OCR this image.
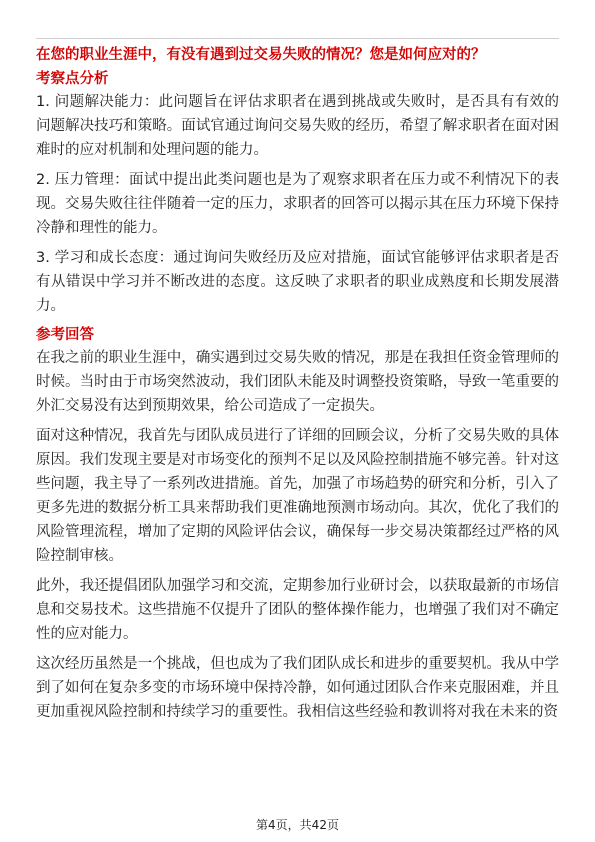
在您的职业生涯中，有没有遇到过交易失败的情况？您是如何应对的？
考察点分析

1. 问题解决能力：此问题旨在评估求职者在遇到挑战或失败时，是否具有有效的问题解决技巧和策略。面试官通过询问交易失败的经历，希望了解求职者在面对困难时的应对机制和处理问题的能力。

2. 压力管理：面试中提出此类问题也是为了观察求职者在压力或不利情况下的表现。交易失败往往伴随着一定的压力，求职者的回答可以揭示其在压力环境下保持冷静和理性的能力。

3. 学习和成长态度：通过询问失败经历及应对措施，面试官能够评估求职者是否有从错误中学习并不断改进的态度。这反映了求职者的职业成熟度和长期发展潜力。

参考回答

在我之前的职业生涯中，确实遇到过交易失败的情况，那是在我担任资金管理师的时候。当时由于市场突然波动，我们团队未能及时调整投资策略，导致一笔重要的外汇交易没有达到预期效果，给公司造成了一定损失。

面对这种情况，我首先与团队成员进行了详细的回顾会议，分析了交易失败的具体原因。我们发现主要是对市场变化的预判不足以及风险控制措施不够完善。针对这些问题，我主导了一系列改进措施。首先，加强了市场趋势的研究和分析，引入了更多先进的数据分析工具来帮助我们更准确地预测市场动向。其次，优化了我们的风险管理流程，增加了定期的风险评估会议，确保每一步交易决策都经过严格的风险控制审核。

此外，我还提倡团队加强学习和交流，定期参加行业研讨会，以获取最新的市场信息和交易技术。这些措施不仅提升了团队的整体操作能力，也增强了我们对不确定性的应对能力。

这次经历虽然是一个挑战，但也成为了我们团队成长和进步的重要契机。我从中学到了如何在复杂多变的市场环境中保持冷静，如何通过团队合作来克服困难，并且更加重视风险控制和持续学习的重要性。我相信这些经验和教训将对我在未来的资

第4页，共42页
